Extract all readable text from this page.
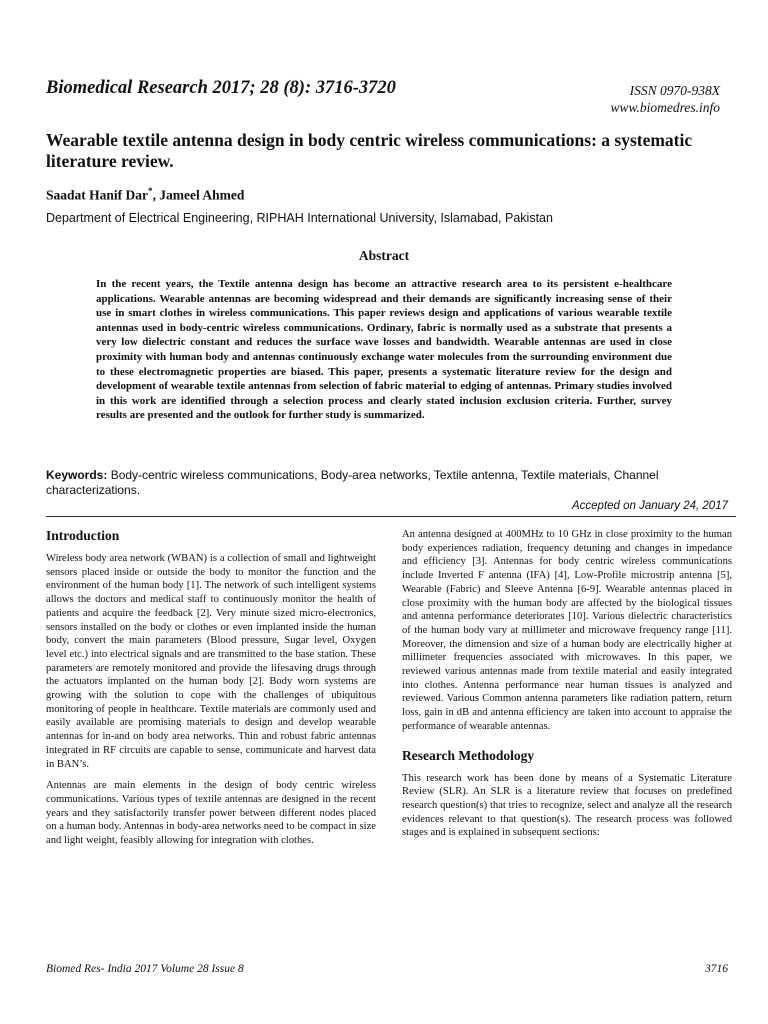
Biomedical Research 2017; 28 (8): 3716-3720	ISSN 0970-938X
www.biomedres.info
Wearable textile antenna design in body centric wireless communications: a systematic literature review.
Saadat Hanif Dar*, Jameel Ahmed
Department of Electrical Engineering, RIPHAH International University, Islamabad, Pakistan
Abstract

In the recent years, the Textile antenna design has become an attractive research area to its persistent e-healthcare applications. Wearable antennas are becoming widespread and their demands are significantly increasing sense of their use in smart clothes in wireless communications. This paper reviews design and applications of various wearable textile antennas used in body-centric wireless communications. Ordinary, fabric is normally used as a substrate that presents a very low dielectric constant and reduces the surface wave losses and bandwidth. Wearable antennas are used in close proximity with human body and antennas continuously exchange water molecules from the surrounding environment due to these electromagnetic properties are biased. This paper, presents a systematic literature review for the design and development of wearable textile antennas from selection of fabric material to edging of antennas. Primary studies involved in this work are identified through a selection process and clearly stated inclusion exclusion criteria. Further, survey results are presented and the outlook for further study is summarized.

Keywords: Body-centric wireless communications, Body-area networks, Textile antenna, Textile materials, Channel characterizations.

Accepted on January 24, 2017
Introduction

Wireless body area network (WBAN) is a collection of small and lightweight sensors placed inside or outside the body to monitor the function and the environment of the human body [1]. The network of such intelligent systems allows the doctors and medical staff to continuously monitor the health of patients and acquire the feedback [2]. Very minute sized micro-electronics, sensors installed on the body or clothes or even implanted inside the human body, convert the main parameters (Blood pressure, Sugar level, Oxygen level etc.) into electrical signals and are transmitted to the base station. These parameters are remotely monitored and provide the lifesaving drugs through the actuators implanted on the human body [2]. Body worn systems are growing with the solution to cope with the challenges of ubiquitous monitoring of people in healthcare. Textile materials are commonly used and easily available are promising materials to design and develop wearable antennas for in-and on body area networks. Thin and robust fabric antennas integrated in RF circuits are capable to sense, communicate and harvest data in BAN’s.

Antennas are main elements in the design of body centric wireless communications. Various types of textile antennas are designed in the recent years and they satisfactorily transfer power between different nodes placed on a human body. Antennas in body-area networks need to be compact in size and light weight, feasibly allowing for integration with clothes.

An antenna designed at 400MHz to 10 GHz in close proximity to the human body experiences radiation, frequency detuning and changes in impedance and efficiency [3]. Antennas for body centric wireless communications include Inverted F antenna (IFA) [4], Low-Profile microstrip antenna [5], Wearable (Fabric) and Sleeve Antenna [6-9]. Wearable antennas placed in close proximity with the human body are affected by the biological tissues and antenna performance deteriorates [10]. Various dielectric characteristics of the human body vary at millimeter and microwave frequency range [11]. Moreover, the dimension and size of a human body are electrically higher at millimeter frequencies associated with microwaves. In this paper, we reviewed various antennas made from textile material and easily integrated into clothes. Antenna performance near human tissues is analyzed and reviewed. Various Common antenna parameters like radiation pattern, return loss, gain in dB and antenna efficiency are taken into account to appraise the performance of wearable antennas.

Research Methodology

This research work has been done by means of a Systematic Literature Review (SLR). An SLR is a literature review that focuses on predefined research question(s) that tries to recognize, select and analyze all the research evidences relevant to that question(s). The research process was followed stages and is explained in subsequent sections:

Biomed Res- India 2017 Volume 28 Issue 8	3716
